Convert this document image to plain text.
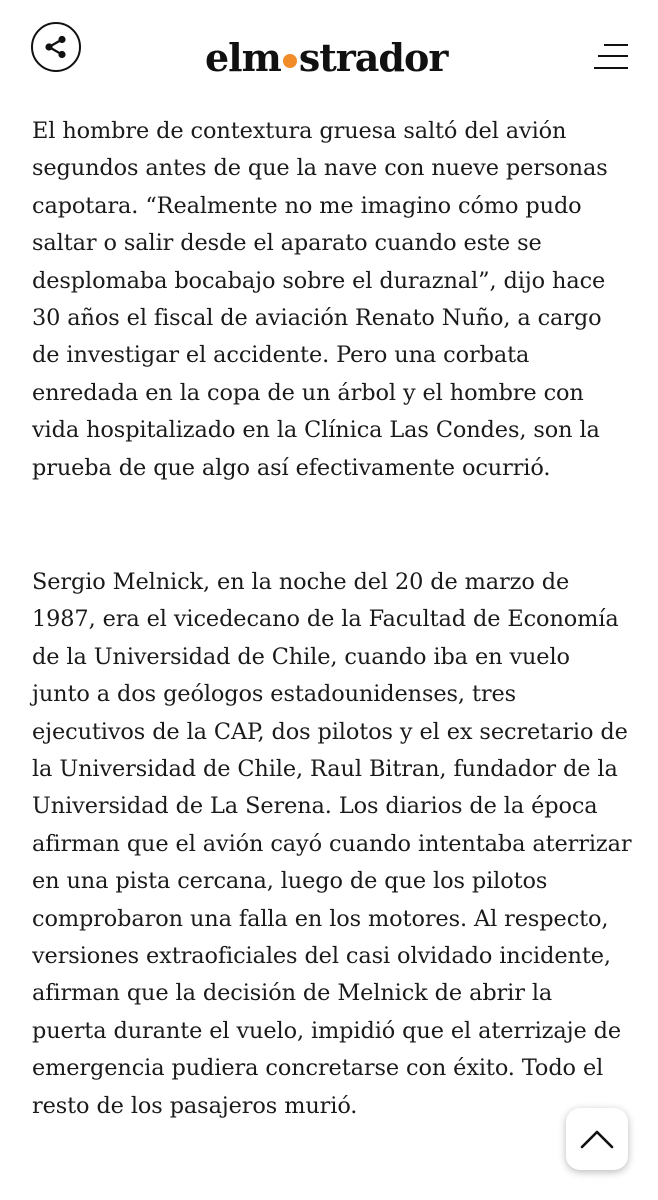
elm strador

El hombre de contextura gruesa saltó del avión segundos antes de que la nave con nueve personas capotara. “Realmente no me imagino cómo pudo saltar o salir desde el aparato cuando este se desplomaba bocabajo sobre el duraznal”, dijo hace 30 años el fiscal de aviación Renato Nuño, a cargo de investigar el accidente. Pero una corbata enredada en la copa de un árbol y el hombre con vida hospitalizado en la Clínica Las Condes, son la prueba de que algo así efectivamente ocurrió.

Sergio Melnick, en la noche del 20 de marzo de 1987, era el vicedecano de la Facultad de Economía de la Universidad de Chile, cuando iba en vuelo junto a dos geólogos estadounidenses, tres ejecutivos de la CAP, dos pilotos y el ex secretario de la Universidad de Chile, Raul Bitran, fundador de la Universidad de La Serena. Los diarios de la época afirman que el avión cayó cuando intentaba aterrizar en una pista cercana, luego de que los pilotos comprobaron una falla en los motores. Al respecto, versiones extraoficiales del casi olvidado incidente, afirman que la decisión de Melnick de abrir la puerta durante el vuelo, impidió que el aterrizaje de emergencia pudiera concretarse con éxito. Todo el resto de los pasajeros murió.
